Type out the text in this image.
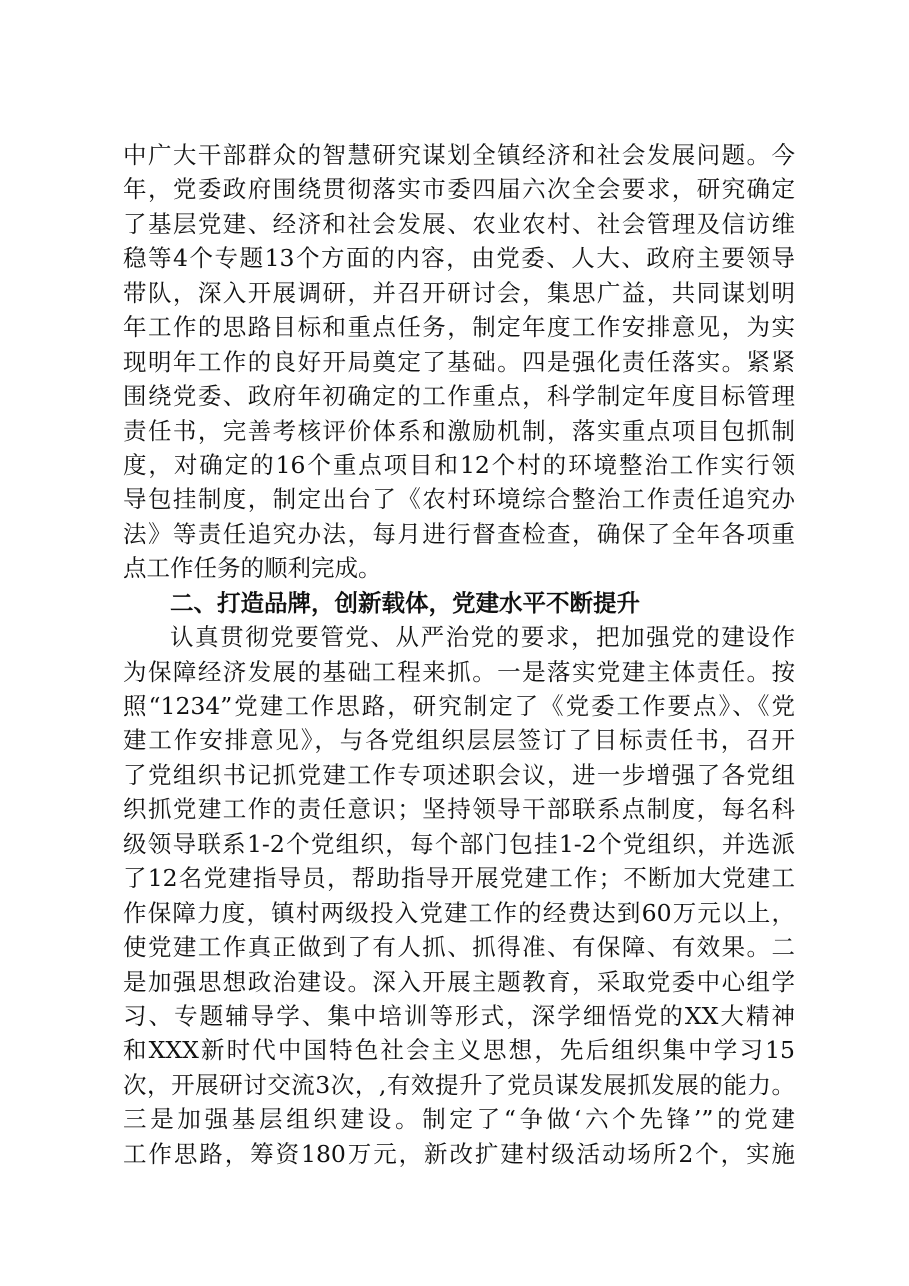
中广大干部群众的智慧研究谋划全镇经济和社会发展问题。今
年，党委政府围绕贯彻落实市委四届六次全会要求，研究确定
了基层党建、经济和社会发展、农业农村、社会管理及信访维
稳等4个专题13个方面的内容，由党委、人大、政府主要领导
带队，深入开展调研，并召开研讨会，集思广益，共同谋划明
年工作的思路目标和重点任务，制定年度工作安排意见，为实
现明年工作的良好开局奠定了基础。四是强化责任落实。紧紧
围绕党委、政府年初确定的工作重点，科学制定年度目标管理
责任书，完善考核评价体系和激励机制，落实重点项目包抓制
度，对确定的16个重点项目和12个村的环境整治工作实行领
导包挂制度，制定出台了《农村环境综合整治工作责任追究办
法》等责任追究办法，每月进行督查检查，确保了全年各项重
点工作任务的顺利完成。
二、打造品牌，创新载体，党建水平不断提升
认真贯彻党要管党、从严治党的要求，把加强党的建设作
为保障经济发展的基础工程来抓。一是落实党建主体责任。按
照“1234”党建工作思路，研究制定了《党委工作要点》、《党
建工作安排意见》，与各党组织层层签订了目标责任书，召开
了党组织书记抓党建工作专项述职会议，进一步增强了各党组
织抓党建工作的责任意识；坚持领导干部联系点制度，每名科
级领导联系1-2个党组织，每个部门包挂1-2个党组织，并选派
了12名党建指导员，帮助指导开展党建工作；不断加大党建工
作保障力度，镇村两级投入党建工作的经费达到60万元以上，
使党建工作真正做到了有人抓、抓得准、有保障、有效果。二
是加强思想政治建设。深入开展主题教育，采取党委中心组学
习、专题辅导学、集中培训等形式，深学细悟党的XX大精神
和XXX新时代中国特色社会主义思想，先后组织集中学习15
次，开展研讨交流3次，,有效提升了党员谋发展抓发展的能力。
三是加强基层组织建设。制定了“争做‘六个先锋’”的党建
工作思路，筹资180万元，新改扩建村级活动场所2个，实施
